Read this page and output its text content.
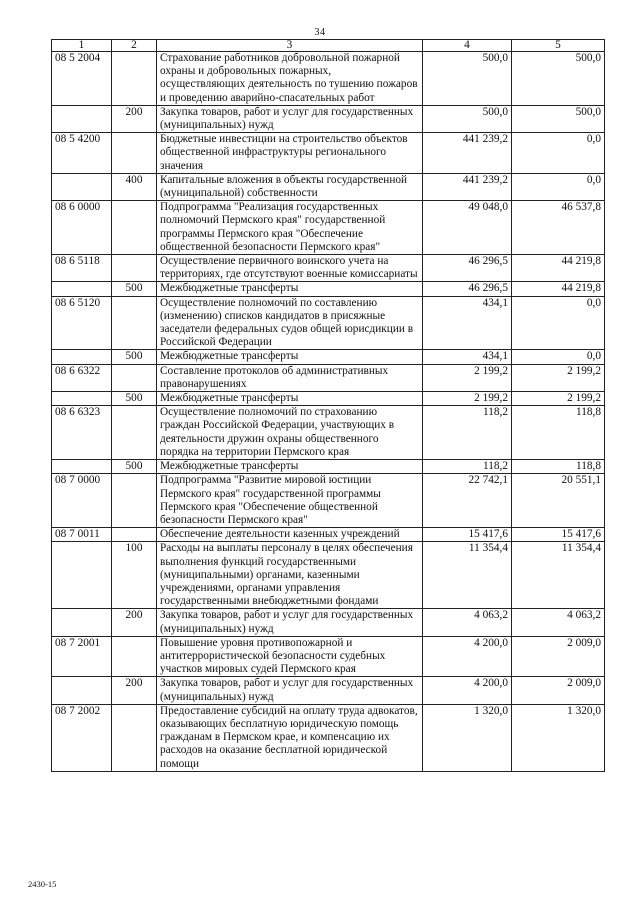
34
1	2	3	4	5
08 5 2004		Страхование работников добровольной пожарной охраны и добровольных пожарных, осуществляющих деятельность по тушению пожаров и проведению аварийно-спасательных работ	500,0	500,0
	200	Закупка товаров, работ и услуг для государственных (муниципальных) нужд	500,0	500,0
08 5 4200		Бюджетные инвестиции на строительство объектов общественной инфраструктуры регионального значения	441 239,2	0,0
	400	Капитальные вложения в объекты государственной (муниципальной) собственности	441 239,2	0,0
08 6 0000		Подпрограмма "Реализация государственных полномочий Пермского края" государственной программы Пермского края "Обеспечение общественной безопасности Пермского края"	49 048,0	46 537,8
08 6 5118		Осуществление первичного воинского учета на территориях, где отсутствуют военные комиссариаты	46 296,5	44 219,8
	500	Межбюджетные трансферты	46 296,5	44 219,8
08 6 5120		Осуществление полномочий по составлению (изменению) списков кандидатов в присяжные заседатели федеральных судов общей юрисдикции в Российской Федерации	434,1	0,0
	500	Межбюджетные трансферты	434,1	0,0
08 6 6322		Составление протоколов об административных правонарушениях	2 199,2	2 199,2
	500	Межбюджетные трансферты	2 199,2	2 199,2
08 6 6323		Осуществление полномочий по страхованию граждан Российской Федерации, участвующих в деятельности дружин охраны общественного порядка на территории Пермского края	118,2	118,8
	500	Межбюджетные трансферты	118,2	118,8
08 7 0000		Подпрограмма "Развитие мировой юстиции Пермского края" государственной программы Пермского края "Обеспечение общественной безопасности Пермского края"	22 742,1	20 551,1
08 7 0011		Обеспечение деятельности казенных учреждений	15 417,6	15 417,6
	100	Расходы на выплаты персоналу в целях обеспечения выполнения функций государственными (муниципальными) органами, казенными учреждениями, органами управления государственными внебюджетными фондами	11 354,4	11 354,4
	200	Закупка товаров, работ и услуг для государственных (муниципальных) нужд	4 063,2	4 063,2
08 7 2001		Повышение уровня противопожарной и антитеррористической безопасности судебных участков мировых судей Пермского края	4 200,0	2 009,0
	200	Закупка товаров, работ и услуг для государственных (муниципальных) нужд	4 200,0	2 009,0
08 7 2002		Предоставление субсидий на оплату труда адвокатов, оказывающих бесплатную юридическую помощь гражданам в Пермском крае, и компенсацию их расходов на оказание бесплатной юридической помощи	1 320,0	1 320,0
2430-15
